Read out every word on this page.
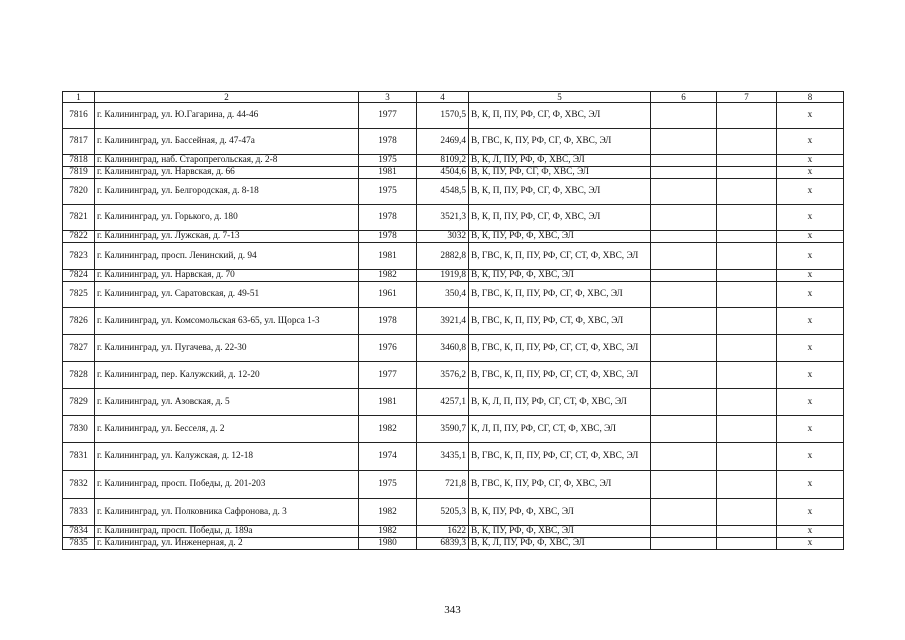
1	2	3	4	5	6	7	8
7816	г. Калининград, ул. Ю.Гагарина, д. 44-46	1977	1570,5	В, К, П, ПУ, РФ, СГ, Ф, ХВС, ЭЛ			х
7817	г. Калининград, ул. Бассейная, д. 47-47а	1978	2469,4	В, ГВС, К, ПУ, РФ, СГ, Ф, ХВС, ЭЛ			х
7818	г. Калининград, наб. Старопрегольская, д. 2-8	1975	8109,2	В, К, Л, ПУ, РФ, Ф, ХВС, ЭЛ			х
7819	г. Калининград, ул. Нарвская, д. 66	1981	4504,6	В, К, ПУ, РФ, СГ, Ф, ХВС, ЭЛ			х
7820	г. Калининград, ул. Белгородская, д. 8-18	1975	4548,5	В, К, П, ПУ, РФ, СГ, Ф, ХВС, ЭЛ			х
7821	г. Калининград, ул. Горького, д. 180	1978	3521,3	В, К, П, ПУ, РФ, СГ, Ф, ХВС, ЭЛ			х
7822	г. Калининград, ул. Лужская, д. 7-13	1978	3032	В, К, ПУ, РФ, Ф, ХВС, ЭЛ			х
7823	г. Калининград, просп. Ленинский, д. 94	1981	2882,8	В, ГВС, К, П, ПУ, РФ, СГ, СТ, Ф, ХВС, ЭЛ			х
7824	г. Калининград, ул. Нарвская, д. 70	1982	1919,8	В, К, ПУ, РФ, Ф, ХВС, ЭЛ			х
7825	г. Калининград, ул. Саратовская, д. 49-51	1961	350,4	В, ГВС, К, П, ПУ, РФ, СГ, Ф, ХВС, ЭЛ			х
7826	г. Калининград, ул. Комсомольская 63-65, ул. Щорса 1-3	1978	3921,4	В, ГВС, К, П, ПУ, РФ, СТ, Ф, ХВС, ЭЛ			х
7827	г. Калининград, ул. Пугачева, д. 22-30	1976	3460,8	В, ГВС, К, П, ПУ, РФ, СГ, СТ, Ф, ХВС, ЭЛ			х
7828	г. Калининград, пер. Калужский, д. 12-20	1977	3576,2	В, ГВС, К, П, ПУ, РФ, СГ, СТ, Ф, ХВС, ЭЛ			х
7829	г. Калининград, ул. Азовская, д. 5	1981	4257,1	В, К, Л, П, ПУ, РФ, СГ, СТ, Ф, ХВС, ЭЛ			х
7830	г. Калининград, ул. Бесселя, д. 2	1982	3590,7	К, Л, П, ПУ, РФ, СГ, СТ, Ф, ХВС, ЭЛ			х
7831	г. Калининград, ул. Калужская, д. 12-18	1974	3435,1	В, ГВС, К, П, ПУ, РФ, СГ, СТ, Ф, ХВС, ЭЛ			х
7832	г. Калининград, просп. Победы, д. 201-203	1975	721,8	В, ГВС, К, ПУ, РФ, СГ, Ф, ХВС, ЭЛ			х
7833	г. Калининград, ул. Полковника Сафронова, д. 3	1982	5205,3	В, К, ПУ, РФ, Ф, ХВС, ЭЛ			х
7834	г. Калининград, просп. Победы, д. 189а	1982	1622	В, К, ПУ, РФ, Ф, ХВС, ЭЛ			х
7835	г. Калининград, ул. Инженерная, д. 2	1980	6839,3	В, К, Л, ПУ, РФ, Ф, ХВС, ЭЛ			х
343
